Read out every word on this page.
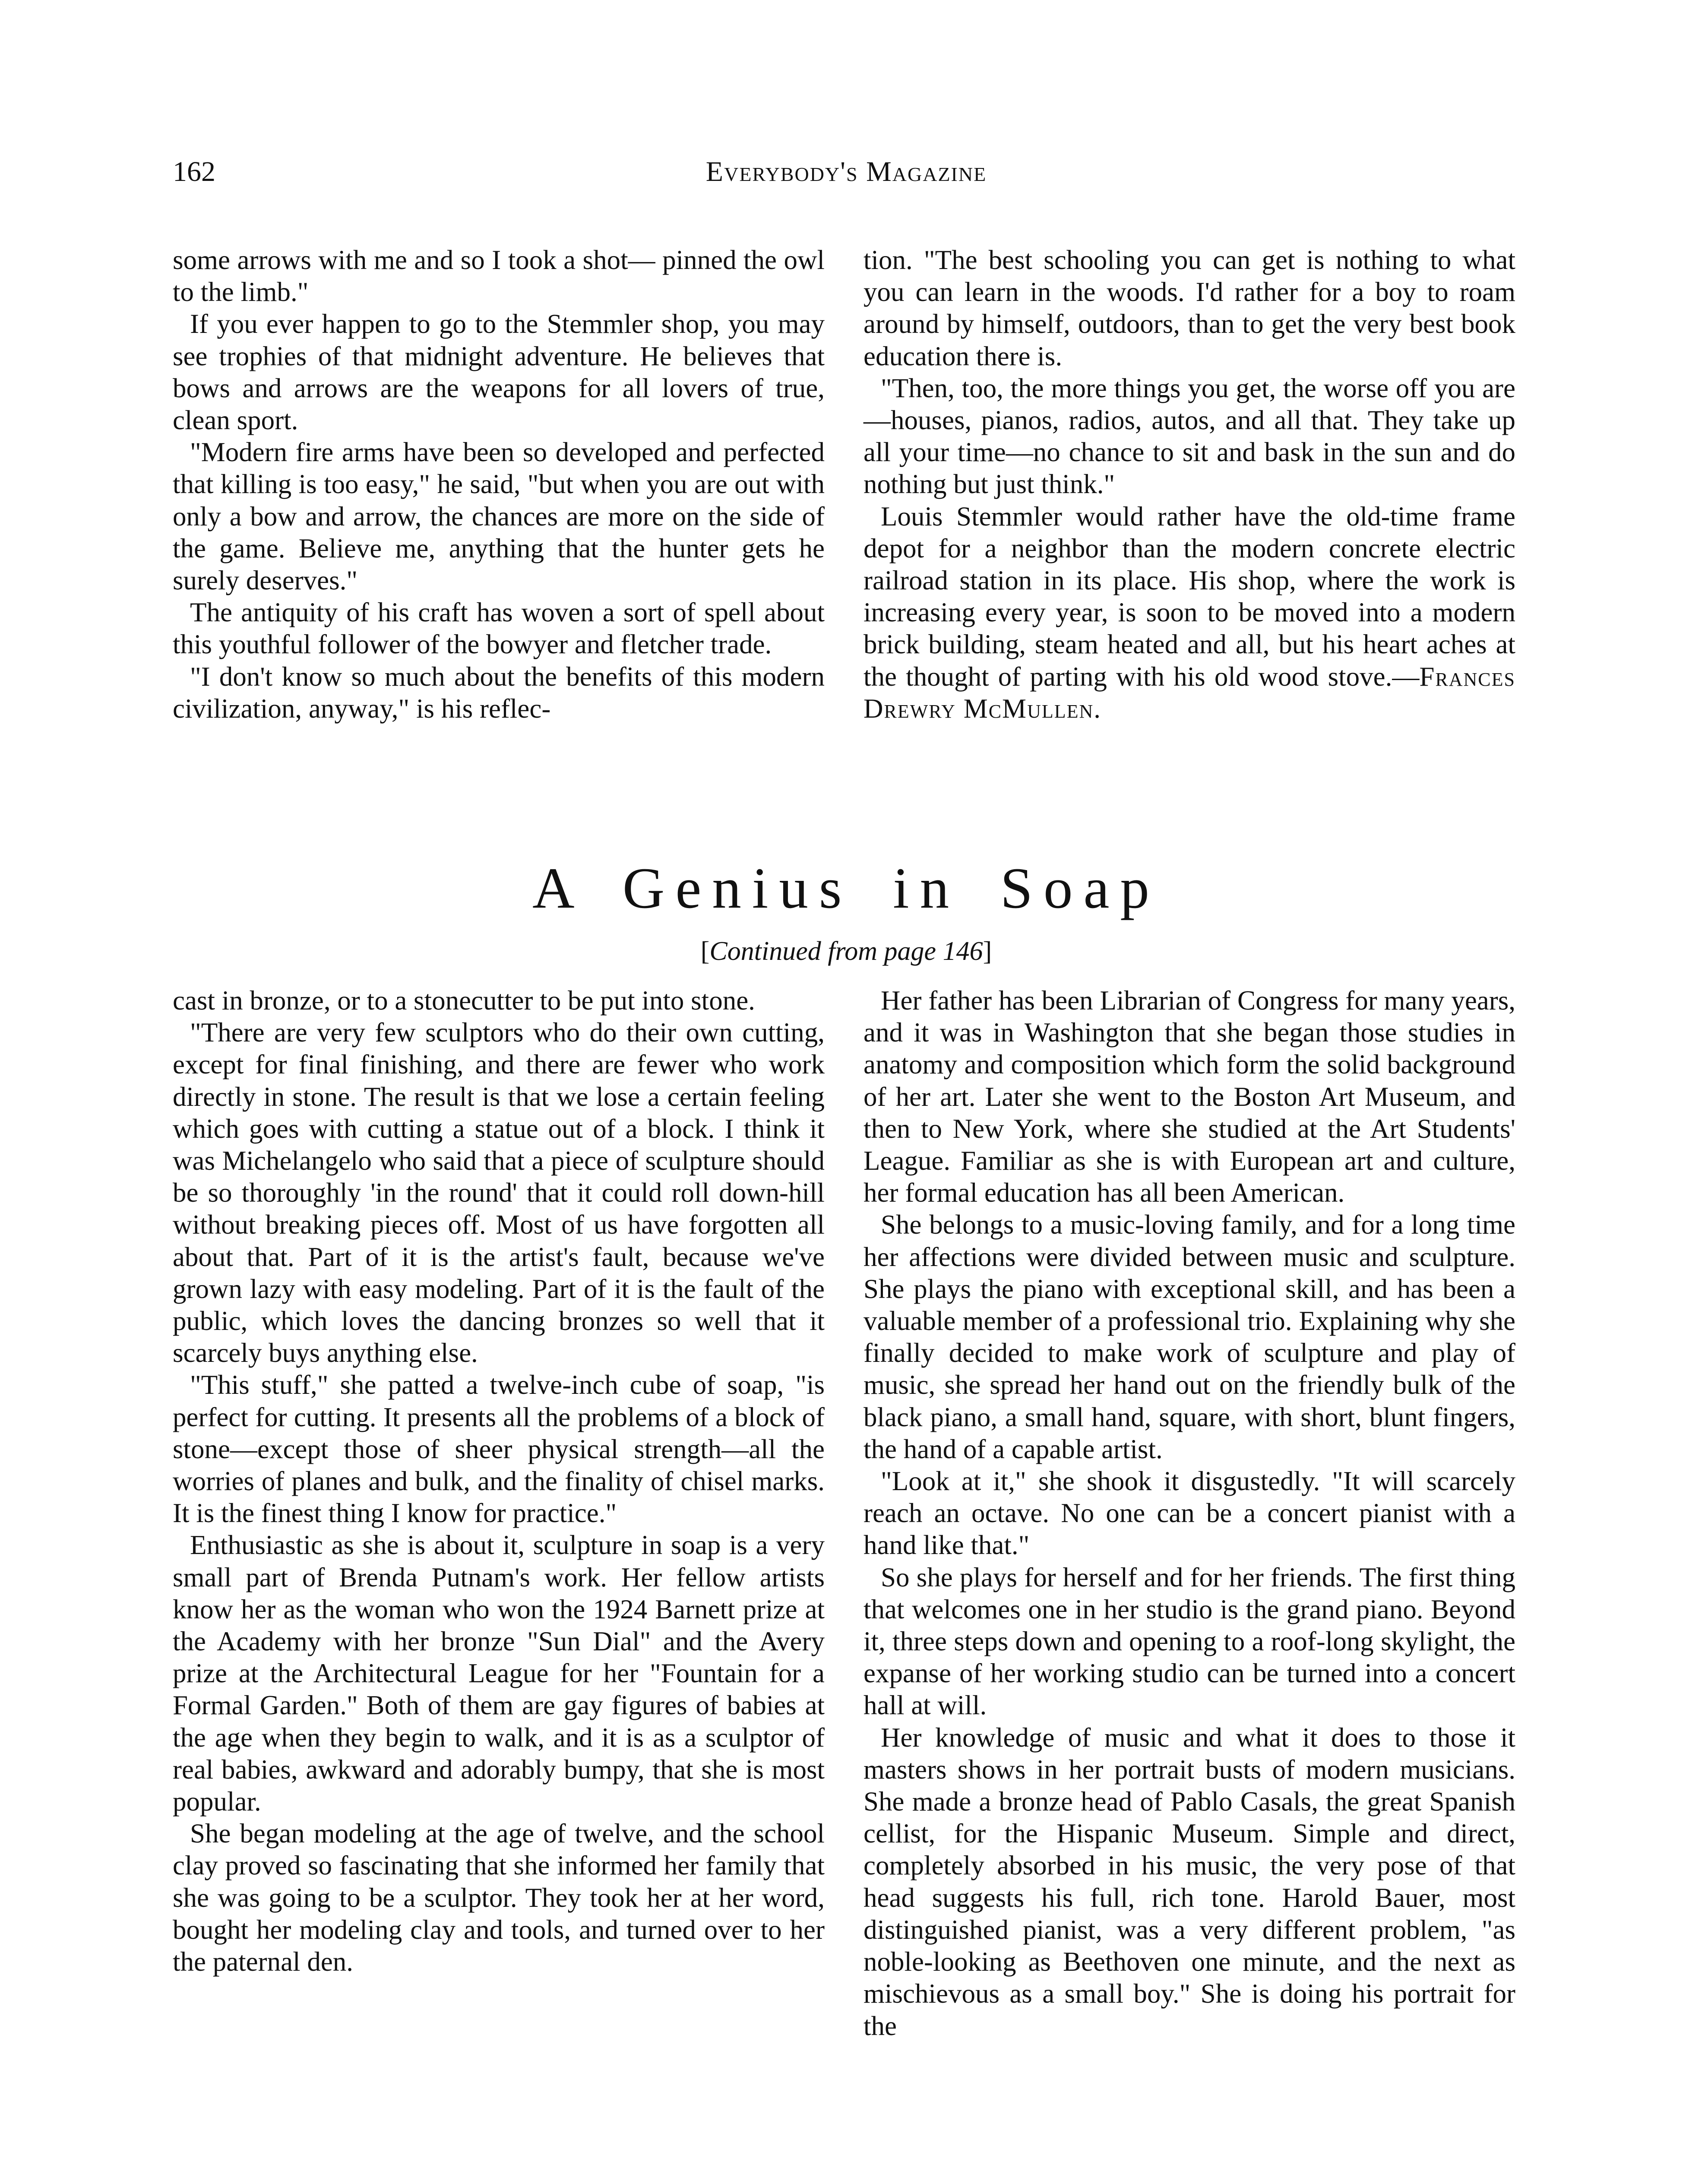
162	Everybody's Magazine

some arrows with me and so I took a shot— pinned the owl to the limb."

If you ever happen to go to the Stemmler shop, you may see trophies of that midnight adventure. He believes that bows and arrows are the weapons for all lovers of true, clean sport.

"Modern fire arms have been so developed and perfected that killing is too easy," he said, "but when you are out with only a bow and arrow, the chances are more on the side of the game. Believe me, anything that the hunter gets he surely deserves."

The antiquity of his craft has woven a sort of spell about this youthful follower of the bowyer and fletcher trade.

"I don't know so much about the benefits of this modern civilization, anyway," is his reflec-

tion. "The best schooling you can get is nothing to what you can learn in the woods. I'd rather for a boy to roam around by himself, outdoors, than to get the very best book education there is.

"Then, too, the more things you get, the worse off you are—houses, pianos, radios, autos, and all that. They take up all your time—no chance to sit and bask in the sun and do nothing but just think."

Louis Stemmler would rather have the old-time frame depot for a neighbor than the modern concrete electric railroad station in its place. His shop, where the work is increasing every year, is soon to be moved into a modern brick building, steam heated and all, but his heart aches at the thought of parting with his old wood stove.—Frances Drewry McMullen.

A Genius in Soap
[Continued from page 146]

cast in bronze, or to a stonecutter to be put into stone.

"There are very few sculptors who do their own cutting, except for final finishing, and there are fewer who work directly in stone. The result is that we lose a certain feeling which goes with cutting a statue out of a block. I think it was Michelangelo who said that a piece of sculpture should be so thoroughly 'in the round' that it could roll down-hill without breaking pieces off. Most of us have forgotten all about that. Part of it is the artist's fault, because we've grown lazy with easy modeling. Part of it is the fault of the public, which loves the dancing bronzes so well that it scarcely buys anything else.

"This stuff," she patted a twelve-inch cube of soap, "is perfect for cutting. It presents all the problems of a block of stone—except those of sheer physical strength—all the worries of planes and bulk, and the finality of chisel marks. It is the finest thing I know for practice."

Enthusiastic as she is about it, sculpture in soap is a very small part of Brenda Putnam's work. Her fellow artists know her as the woman who won the 1924 Barnett prize at the Academy with her bronze "Sun Dial" and the Avery prize at the Architectural League for her "Fountain for a Formal Garden." Both of them are gay figures of babies at the age when they begin to walk, and it is as a sculptor of real babies, awkward and adorably bumpy, that she is most popular.

She began modeling at the age of twelve, and the school clay proved so fascinating that she informed her family that she was going to be a sculptor. They took her at her word, bought her modeling clay and tools, and turned over to her the paternal den.

Her father has been Librarian of Congress for many years, and it was in Washington that she began those studies in anatomy and composition which form the solid background of her art. Later she went to the Boston Art Museum, and then to New York, where she studied at the Art Students' League. Familiar as she is with European art and culture, her formal education has all been American.

She belongs to a music-loving family, and for a long time her affections were divided between music and sculpture. She plays the piano with exceptional skill, and has been a valuable member of a professional trio. Explaining why she finally decided to make work of sculpture and play of music, she spread her hand out on the friendly bulk of the black piano, a small hand, square, with short, blunt fingers, the hand of a capable artist.

"Look at it," she shook it disgustedly. "It will scarcely reach an octave. No one can be a concert pianist with a hand like that."

So she plays for herself and for her friends. The first thing that welcomes one in her studio is the grand piano. Beyond it, three steps down and opening to a roof-long skylight, the expanse of her working studio can be turned into a concert hall at will.

Her knowledge of music and what it does to those it masters shows in her portrait busts of modern musicians. She made a bronze head of Pablo Casals, the great Spanish cellist, for the Hispanic Museum. Simple and direct, completely absorbed in his music, the very pose of that head suggests his full, rich tone. Harold Bauer, most distinguished pianist, was a very different problem, "as noble-looking as Beethoven one minute, and the next as mischievous as a small boy." She is doing his portrait for the
